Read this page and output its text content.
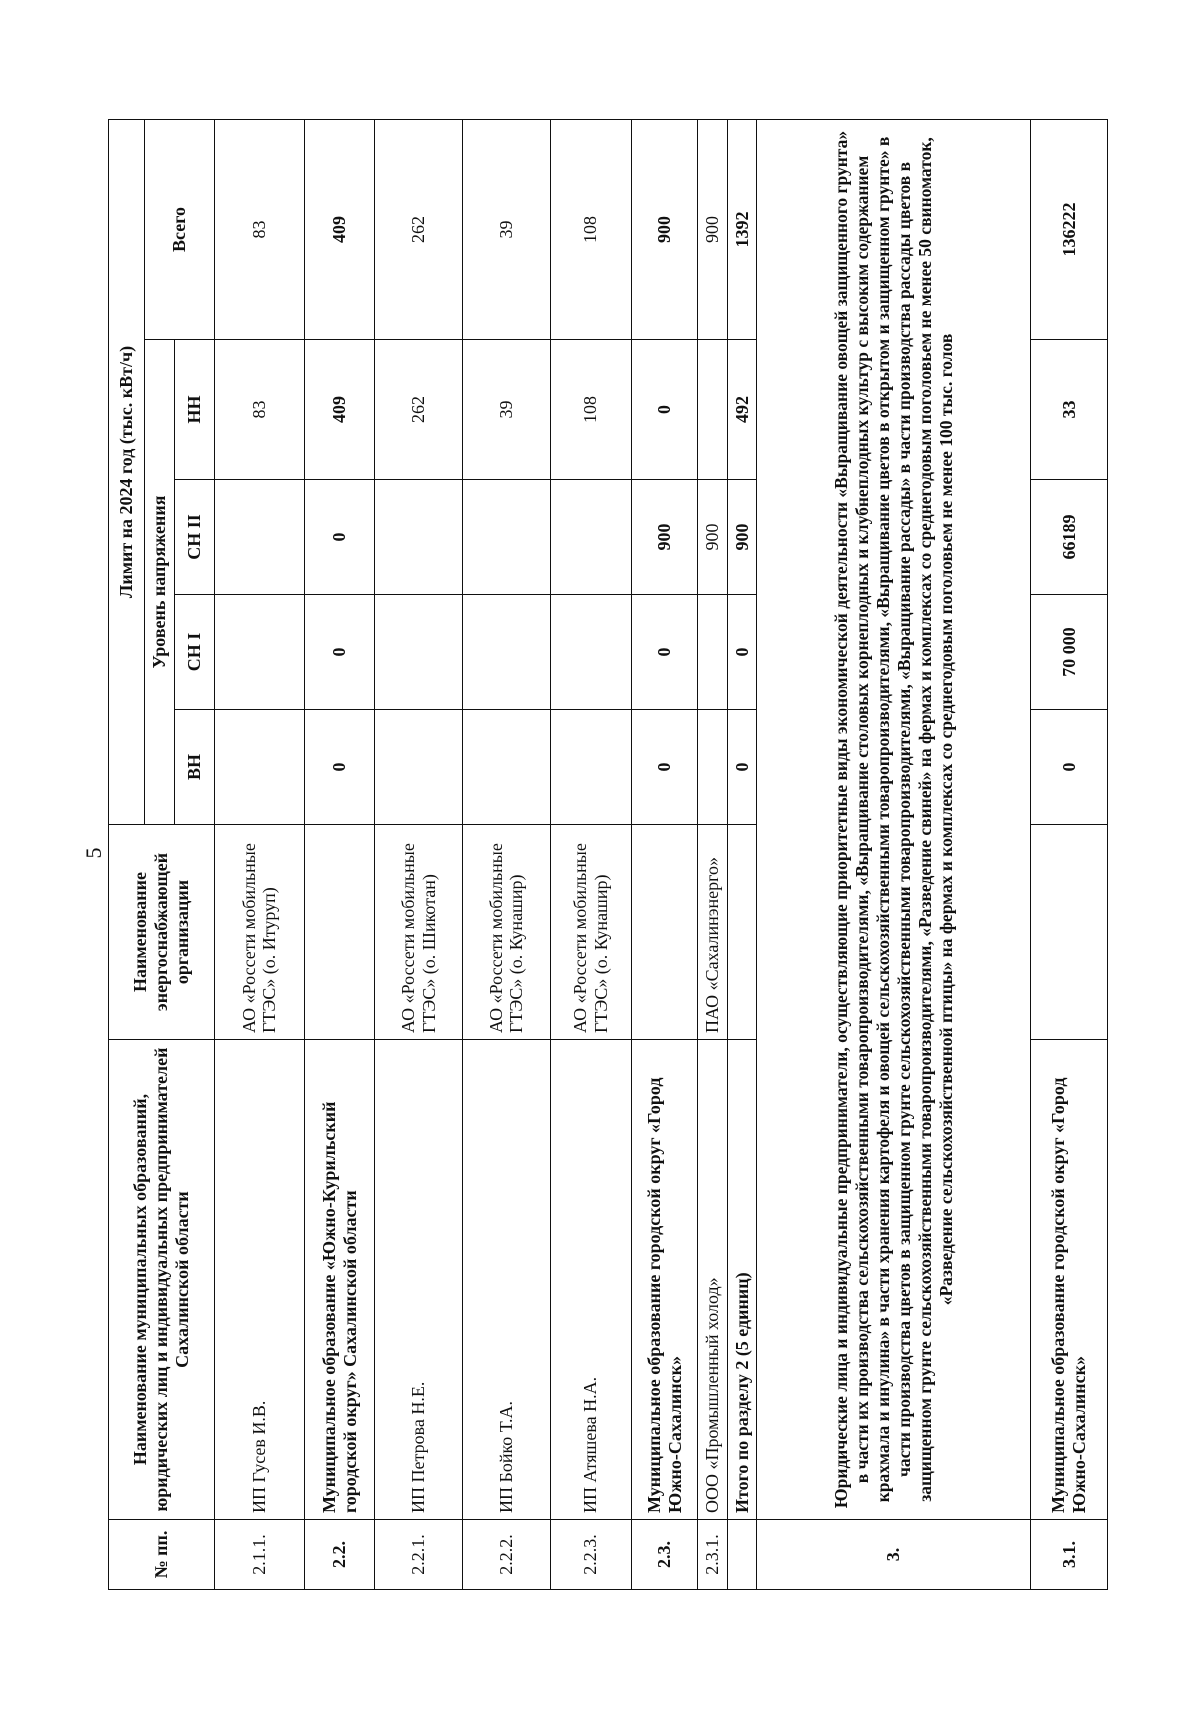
5
№ пп.	Наименование муниципальных образований, юридических лиц и индивидуальных предпринимателей Сахалинской области	Наименование энергоснабжающей организации	Лимит на 2024 год (тыс. кВт/ч)				
			Уровень напряжения				Всего
			ВН	СН I	СН II	НН	
2.1.1.	ИП Гусев И.В.	АО «Россети мобильные ГТЭС» (о. Итуруп)				83	83
2.2.	Муниципальное образование «Южно-Курильский городской округ» Сахалинской области		0	0	0	409	409
2.2.1.	ИП Петрова Н.Е.	АО «Россети мобильные ГТЭС» (о. Шикотан)				262	262
2.2.2.	ИП Бойко Т.А.	АО «Россети мобильные ГТЭС» (о. Кунашир)				39	39
2.2.3.	ИП Атяшева Н.А.	АО «Россети мобильные ГТЭС» (о. Кунашир)				108	108
2.3.	Муниципальное образование городской округ «Город Южно-Сахалинск»		0	0	900	0	900
2.3.1.	ООО «Промышленный холод»	ПАО «Сахалинэнерго»			900		900
	Итого по разделу 2 (5 единиц)		0	0	900	492	1392
3.	Юридические лица и индивидуальные предприниматели, осуществляющие приоритетные виды экономической деятельности «Выращивание овощей защищенного грунта» в части их производства сельскохозяйственными товаропроизводителями, «Выращивание столовых корнеплодных и клубнеплодных культур с высоким содержанием крахмала и инулина» в части хранения картофеля и овощей сельскохозяйственными товаропроизводителями, «Выращивание цветов в открытом и защищенном грунте» в части производства цветов в защищенном грунте сельскохозяйственными товаропроизводителями, «Выращивание рассады» в части производства рассады цветов в защищенном грунте сельскохозяйственными товаропроизводителями, «Разведение свиней» на фермах и комплексах со среднегодовым поголовьем не менее 50 свиноматок, «Разведение сельскохозяйственной птицы» на фермах и комплексах со среднегодовым поголовьем не менее 100 тыс. голов						
3.1.	Муниципальное образование городской округ «Город Южно-Сахалинск»		0	70 000	66189	33	136222
